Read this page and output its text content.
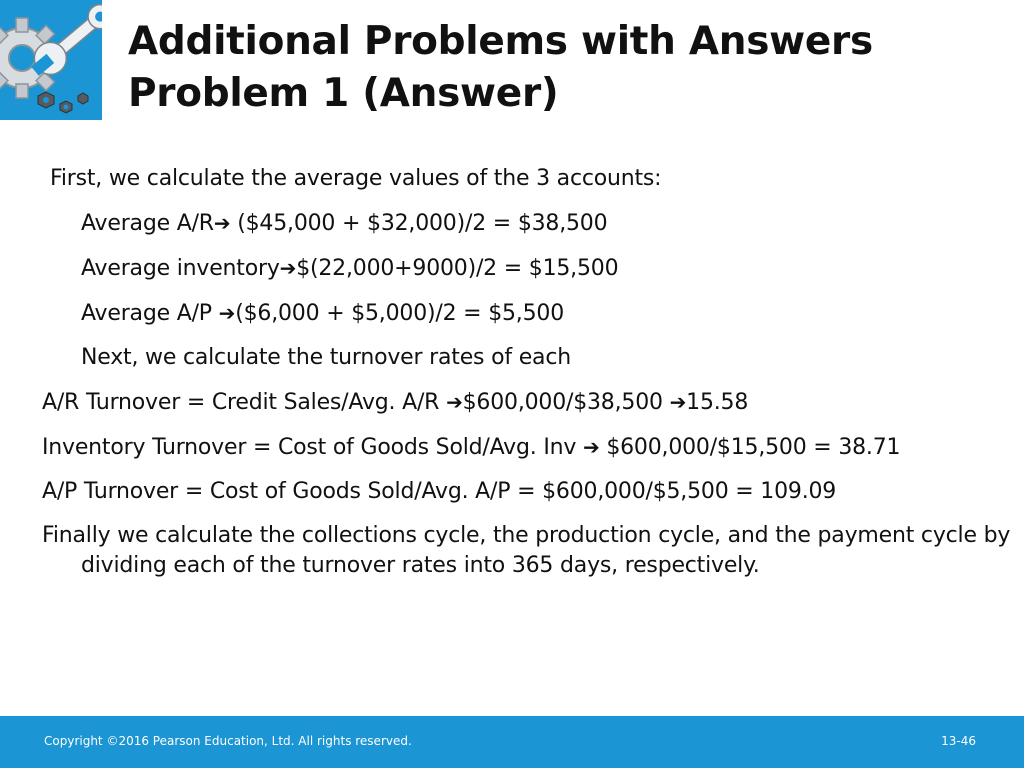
Additional Problems with Answers
Problem 1 (Answer)
First, we calculate the average values of the 3 accounts:
Average A/R➔ ($45,000 + $32,000)/2 = $38,500
Average inventory➔$(22,000+9000)/2 = $15,500
Average A/P ➔($6,000 + $5,000)/2 = $5,500
Next, we calculate the turnover rates of each
A/R Turnover = Credit Sales/Avg. A/R ➔$600,000/$38,500 ➔15.58
Inventory Turnover = Cost of Goods Sold/Avg. Inv ➔ $600,000/$15,500 = 38.71
A/P Turnover = Cost of Goods Sold/Avg. A/P = $600,000/$5,500 = 109.09
Finally we calculate the collections cycle, the production cycle, and the payment cycle by dividing each of the turnover rates into 365 days, respectively.
Copyright ©2016 Pearson Education, Ltd. All rights reserved.	13-46
